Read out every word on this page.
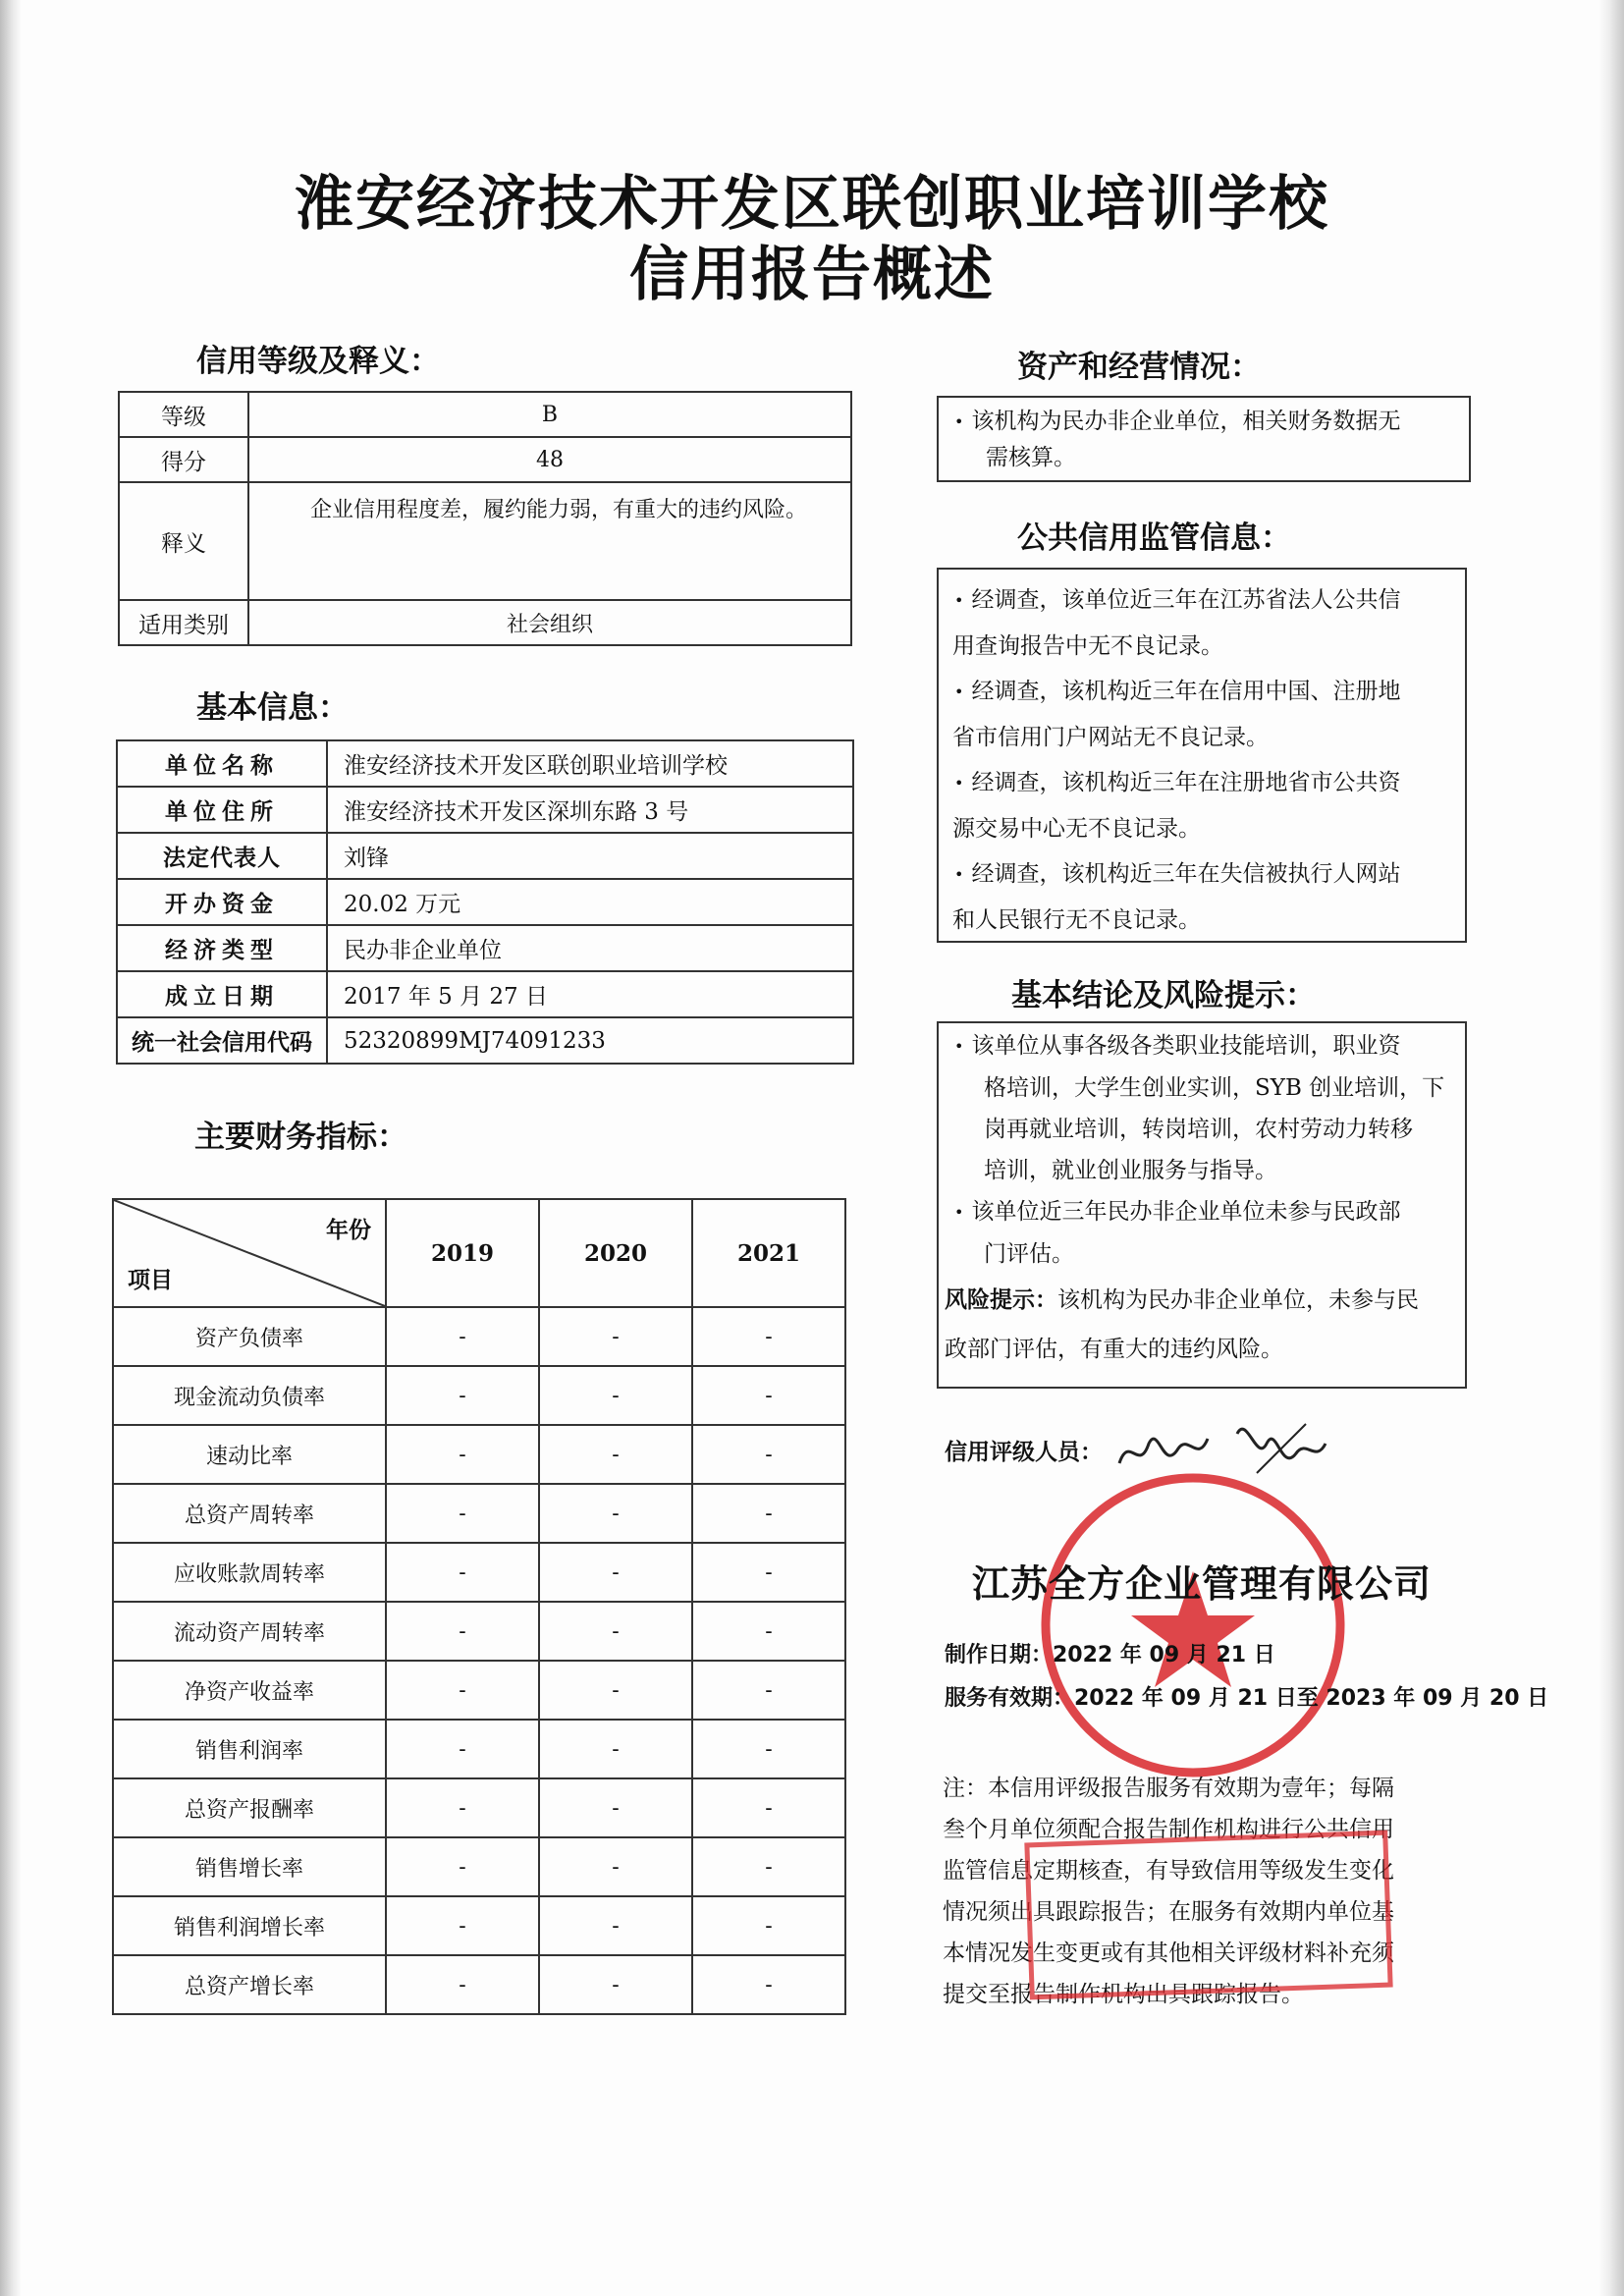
淮安经济技术开发区联创职业培训学校
信用报告概述
信用等级及释义：
等级	B
得分	48
释义	企业信用程度差，履约能力弱，有重大的违约风险。
适用类别	社会组织
基本信息：
单位名称	淮安经济技术开发区联创职业培训学校
单位住所	淮安经济技术开发区深圳东路 3 号
法定代表人	刘锋
开办资金	20.02 万元
经济类型	民办非企业单位
成立日期	2017 年 5 月 27 日
统一社会信用代码	52320899MJ74091233
主要财务指标：
年份
项目	2019	2020	2021
资产负债率	-	-	-
现金流动负债率	-	-	-
速动比率	-	-	-
总资产周转率	-	-	-
应收账款周转率	-	-	-
流动资产周转率	-	-	-
净资产收益率	-	-	-
销售利润率	-	-	-
总资产报酬率	-	-	-
销售增长率	-	-	-
销售利润增长率	-	-	-
总资产增长率	-	-	-
资产和经营情况：
• 该机构为民办非企业单位，相关财务数据无
需核算。
公共信用监管信息：
• 经调查，该单位近三年在江苏省法人公共信
用查询报告中无不良记录。
• 经调查，该机构近三年在信用中国、注册地
省市信用门户网站无不良记录。
• 经调查，该机构近三年在注册地省市公共资
源交易中心无不良记录。
• 经调查，该机构近三年在失信被执行人网站
和人民银行无不良记录。
基本结论及风险提示：
• 该单位从事各级各类职业技能培训，职业资
格培训，大学生创业实训，SYB 创业培训，下
岗再就业培训，转岗培训，农村劳动力转移
培训，就业创业服务与指导。
• 该单位近三年民办非企业单位未参与民政部
门评估。
风险提示：该机构为民办非企业单位，未参与民
政部门评估，有重大的违约风险。
信用评级人员：
江苏全方企业管理有限公司
制作日期：2022 年 09 月 21 日
服务有效期：2022 年 09 月 21 日至 2023 年 09 月 20 日
注：本信用评级报告服务有效期为壹年；每隔
叁个月单位须配合报告制作机构进行公共信用
监管信息定期核查，有导致信用等级发生变化
情况须出具跟踪报告；在服务有效期内单位基
本情况发生变更或有其他相关评级材料补充须
提交至报告制作机构出具跟踪报告。
